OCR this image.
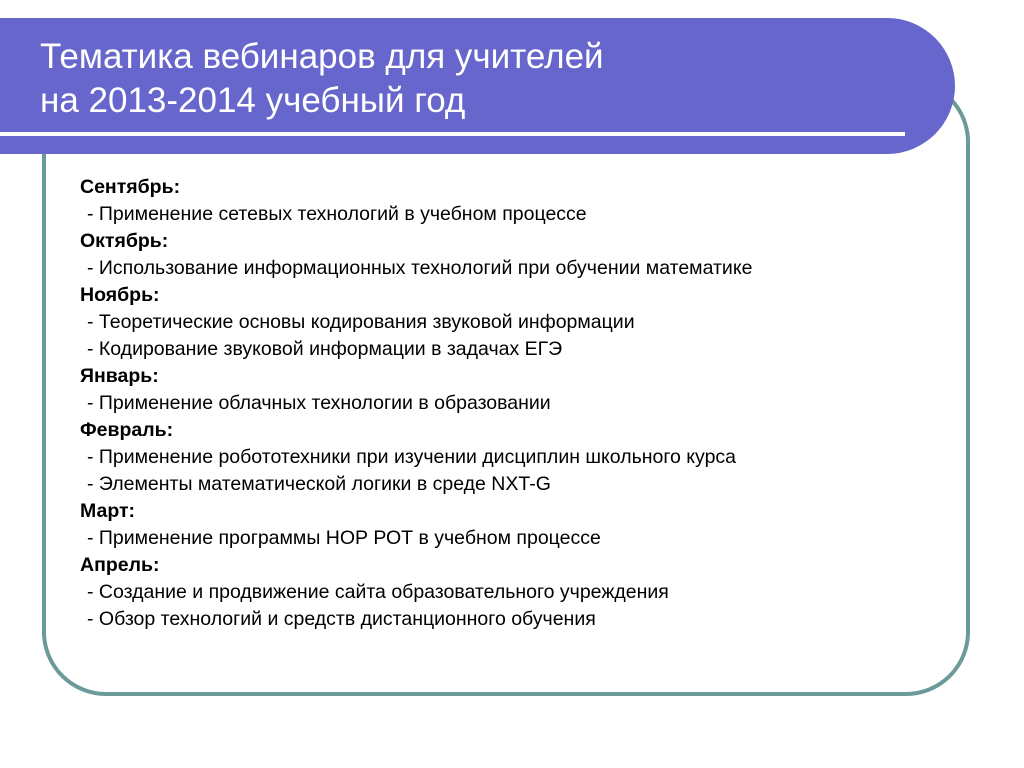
Тематика вебинаров для учителей
на 2013-2014 учебный год
Сентябрь:
- Применение сетевых технологий в учебном процессе
Октябрь:
- Использование информационных технологий при обучении математике
Ноябрь:
- Теоретические основы кодирования звуковой информации
- Кодирование звуковой информации в задачах ЕГЭ
Январь:
- Применение облачных технологии в образовании
Февраль:
- Применение робототехники при изучении дисциплин школьного курса
- Элементы математической логики в среде NXT-G
Март:
- Применение программы НОР РОТ в учебном процессе
Апрель:
- Создание и продвижение сайта образовательного учреждения
- Обзор технологий и средств дистанционного обучения
